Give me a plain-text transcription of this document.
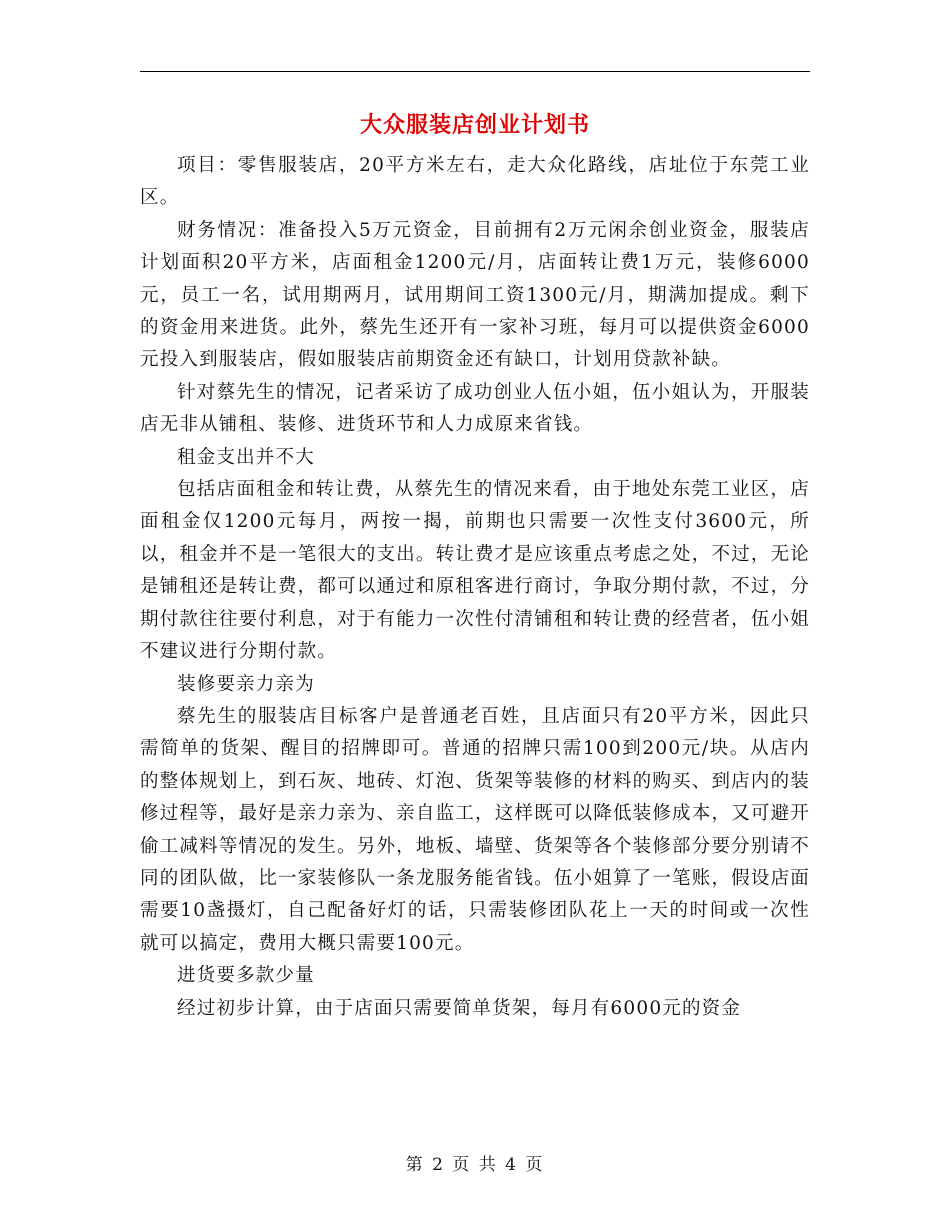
大众服装店创业计划书

项目：零售服装店，20平方米左右，走大众化路线，店址位于东莞工业区。

财务情况：准备投入5万元资金，目前拥有2万元闲余创业资金，服装店计划面积20平方米，店面租金1200元/月，店面转让费1万元，装修6000元，员工一名，试用期两月，试用期间工资1300元/月，期满加提成。剩下的资金用来进货。此外，蔡先生还开有一家补习班，每月可以提供资金6000元投入到服装店，假如服装店前期资金还有缺口，计划用贷款补缺。

针对蔡先生的情况，记者采访了成功创业人伍小姐，伍小姐认为，开服装店无非从铺租、装修、进货环节和人力成原来省钱。

租金支出并不大

包括店面租金和转让费，从蔡先生的情况来看，由于地处东莞工业区，店面租金仅1200元每月，两按一揭，前期也只需要一次性支付3600元，所以，租金并不是一笔很大的支出。转让费才是应该重点考虑之处，不过，无论是铺租还是转让费，都可以通过和原租客进行商讨，争取分期付款，不过，分期付款往往要付利息，对于有能力一次性付清铺租和转让费的经营者，伍小姐不建议进行分期付款。

装修要亲力亲为

蔡先生的服装店目标客户是普通老百姓，且店面只有20平方米，因此只需简单的货架、醒目的招牌即可。普通的招牌只需100到200元/块。从店内的整体规划上，到石灰、地砖、灯泡、货架等装修的材料的购买、到店内的装修过程等，最好是亲力亲为、亲自监工，这样既可以降低装修成本，又可避开偷工减料等情况的发生。另外，地板、墙壁、货架等各个装修部分要分别请不同的团队做，比一家装修队一条龙服务能省钱。伍小姐算了一笔账，假设店面需要10盏摄灯，自己配备好灯的话，只需装修团队花上一天的时间或一次性就可以搞定，费用大概只需要100元。

进货要多款少量

经过初步计算，由于店面只需要简单货架，每月有6000元的资金

第 2 页 共 4 页
